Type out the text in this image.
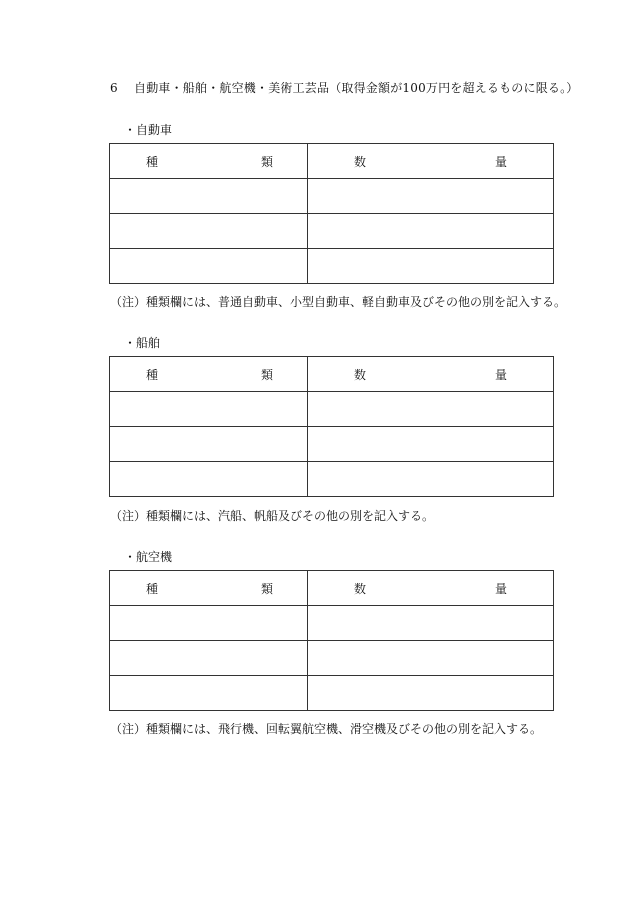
6 自動車・船舶・航空機・美術工芸品（取得金額が100万円を超えるものに限る。）
・自動車
種 類	数 量

（注）種類欄には、普通自動車、小型自動車、軽自動車及びその他の別を記入する。
・船舶
種 類	数 量

（注）種類欄には、汽船、帆船及びその他の別を記入する。
・航空機
種 類	数 量

（注）種類欄には、飛行機、回転翼航空機、滑空機及びその他の別を記入する。
